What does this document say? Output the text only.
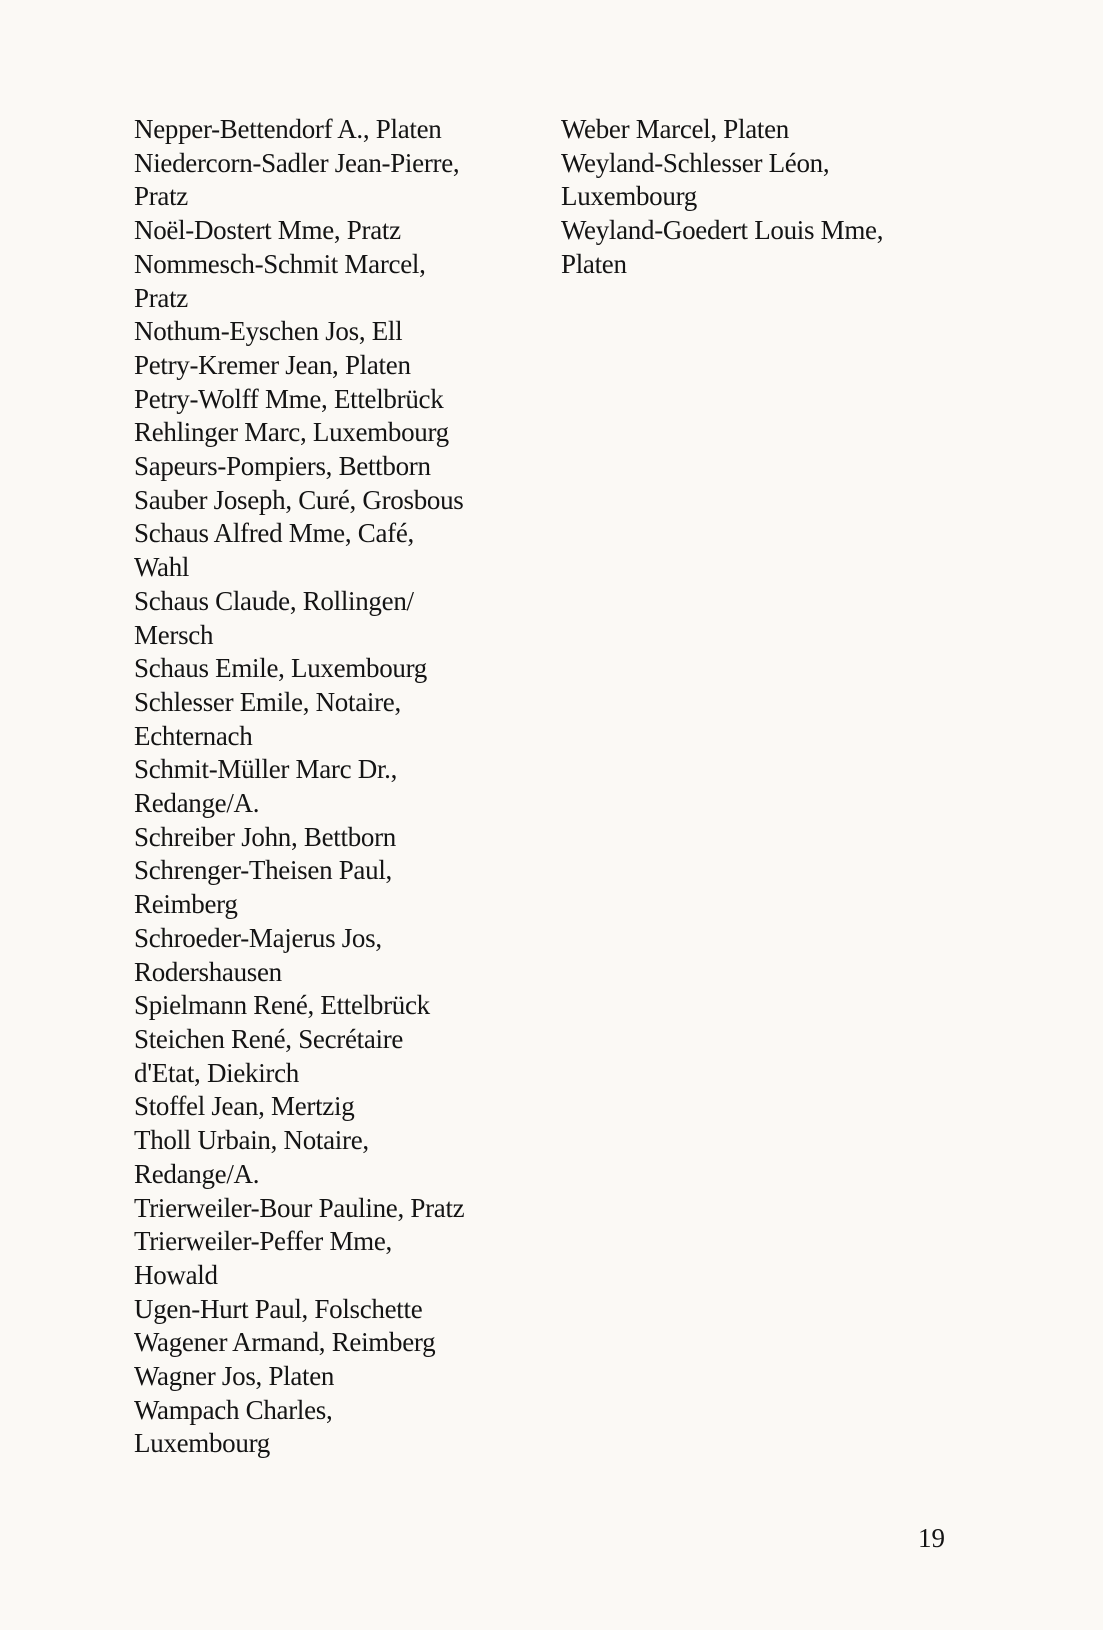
Nepper-Bettendorf A., Platen
Niedercorn-Sadler Jean-Pierre,
Pratz
Noël-Dostert Mme, Pratz
Nommesch-Schmit Marcel,
Pratz
Nothum-Eyschen Jos, Ell
Petry-Kremer Jean, Platen
Petry-Wolff Mme, Ettelbrück
Rehlinger Marc, Luxembourg
Sapeurs-Pompiers, Bettborn
Sauber Joseph, Curé, Grosbous
Schaus Alfred Mme, Café,
Wahl
Schaus Claude, Rollingen/
Mersch
Schaus Emile, Luxembourg
Schlesser Emile, Notaire,
Echternach
Schmit-Müller Marc Dr.,
Redange/A.
Schreiber John, Bettborn
Schrenger-Theisen Paul,
Reimberg
Schroeder-Majerus Jos,
Rodershausen
Spielmann René, Ettelbrück
Steichen René, Secrétaire
d'Etat, Diekirch
Stoffel Jean, Mertzig
Tholl Urbain, Notaire,
Redange/A.
Trierweiler-Bour Pauline, Pratz
Trierweiler-Peffer Mme,
Howald
Ugen-Hurt Paul, Folschette
Wagener Armand, Reimberg
Wagner Jos, Platen
Wampach Charles,
Luxembourg
Weber Marcel, Platen
Weyland-Schlesser Léon,
Luxembourg
Weyland-Goedert Louis Mme,
Platen
19
